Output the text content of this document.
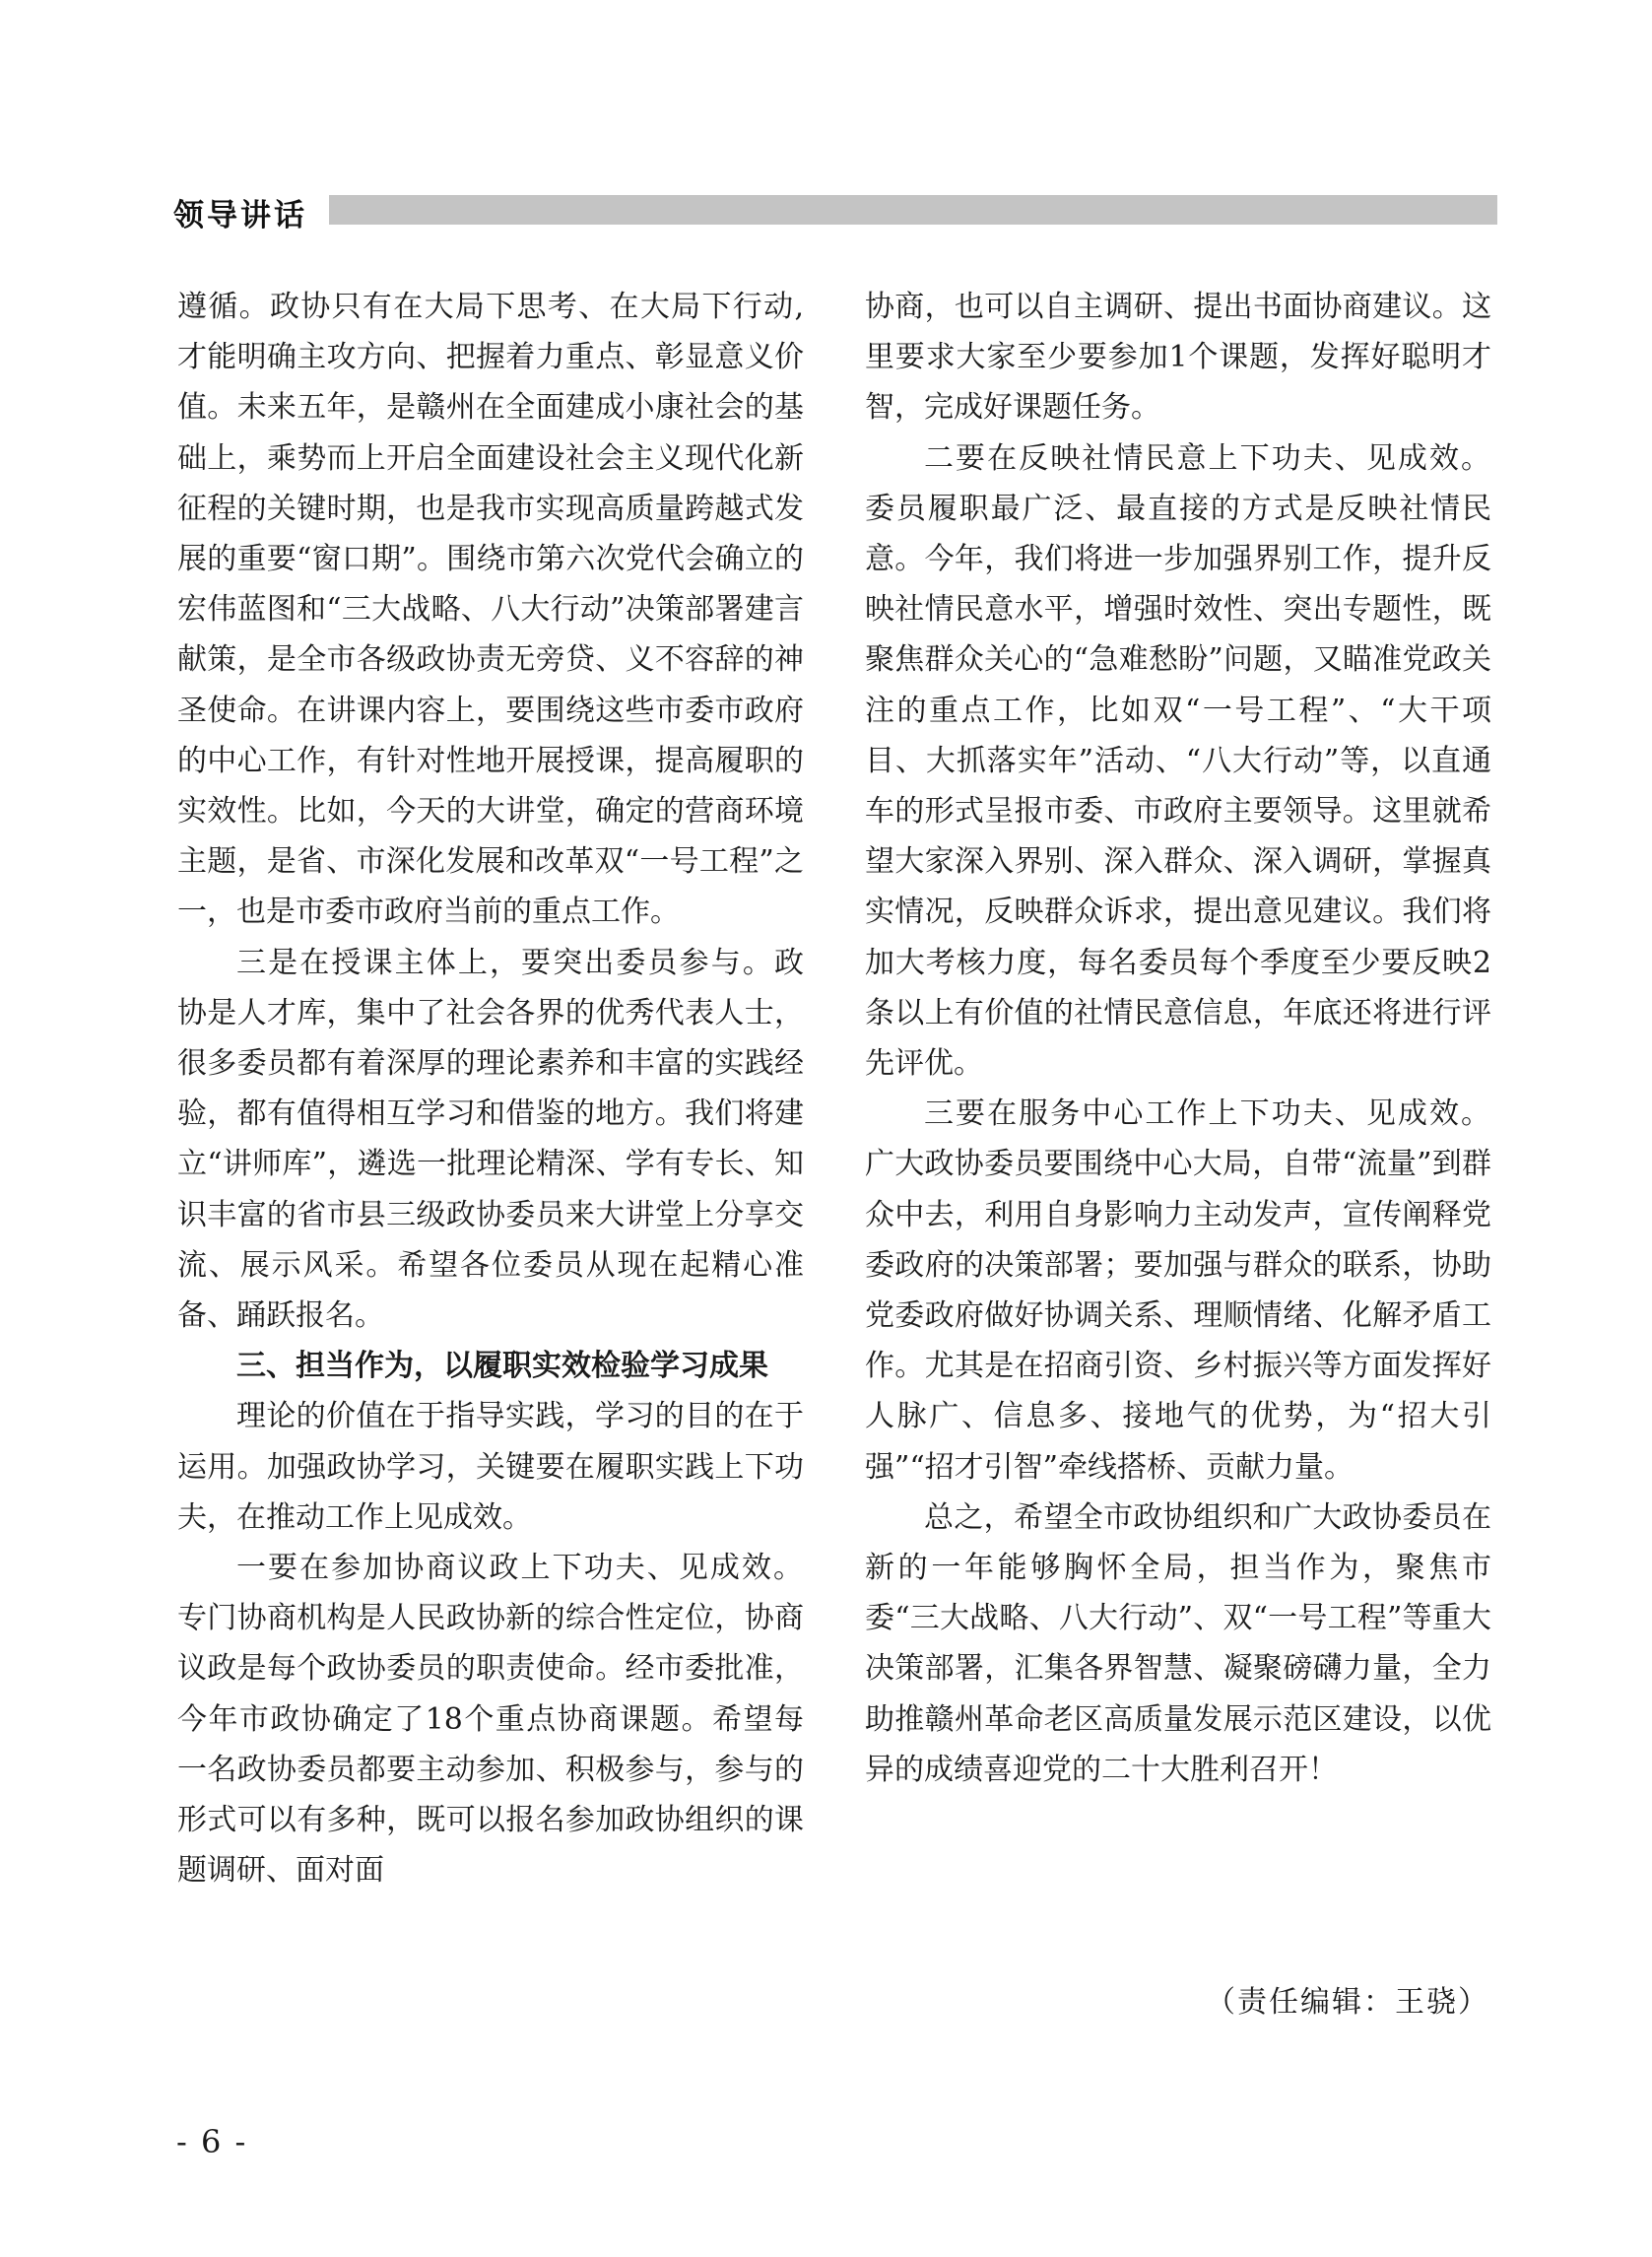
领导讲话

遵循。政协只有在大局下思考、在大局下行动,才能明确主攻方向、把握着力重点、彰显意义价值。未来五年，是赣州在全面建成小康社会的基础上，乘势而上开启全面建设社会主义现代化新征程的关键时期，也是我市实现高质量跨越式发展的重要“窗口期”。围绕市第六次党代会确立的宏伟蓝图和“三大战略、八大行动”决策部署建言献策，是全市各级政协责无旁贷、义不容辞的神圣使命。在讲课内容上，要围绕这些市委市政府的中心工作，有针对性地开展授课，提高履职的实效性。比如，今天的大讲堂，确定的营商环境主题，是省、市深化发展和改革双“一号工程”之一，也是市委市政府当前的重点工作。

三是在授课主体上，要突出委员参与。政协是人才库，集中了社会各界的优秀代表人士，很多委员都有着深厚的理论素养和丰富的实践经验，都有值得相互学习和借鉴的地方。我们将建立“讲师库”，遴选一批理论精深、学有专长、知识丰富的省市县三级政协委员来大讲堂上分享交流、展示风采。希望各位委员从现在起精心准备、踊跃报名。

三、担当作为，以履职实效检验学习成果

理论的价值在于指导实践，学习的目的在于运用。加强政协学习，关键要在履职实践上下功夫，在推动工作上见成效。

一要在参加协商议政上下功夫、见成效。专门协商机构是人民政协新的综合性定位，协商议政是每个政协委员的职责使命。经市委批准，今年市政协确定了18个重点协商课题。希望每一名政协委员都要主动参加、积极参与，参与的形式可以有多种，既可以报名参加政协组织的课题调研、面对面

协商，也可以自主调研、提出书面协商建议。这里要求大家至少要参加1个课题，发挥好聪明才智，完成好课题任务。

二要在反映社情民意上下功夫、见成效。委员履职最广泛、最直接的方式是反映社情民意。今年，我们将进一步加强界别工作，提升反映社情民意水平，增强时效性、突出专题性，既聚焦群众关心的“急难愁盼”问题，又瞄准党政关注的重点工作，比如双“一号工程”、“大干项目、大抓落实年”活动、“八大行动”等，以直通车的形式呈报市委、市政府主要领导。这里就希望大家深入界别、深入群众、深入调研，掌握真实情况，反映群众诉求，提出意见建议。我们将加大考核力度，每名委员每个季度至少要反映2条以上有价值的社情民意信息，年底还将进行评先评优。

三要在服务中心工作上下功夫、见成效。广大政协委员要围绕中心大局，自带“流量”到群众中去，利用自身影响力主动发声，宣传阐释党委政府的决策部署；要加强与群众的联系，协助党委政府做好协调关系、理顺情绪、化解矛盾工作。尤其是在招商引资、乡村振兴等方面发挥好人脉广、信息多、接地气的优势，为“招大引强”“招才引智”牵线搭桥、贡献力量。

总之，希望全市政协组织和广大政协委员在新的一年能够胸怀全局，担当作为，聚焦市委“三大战略、八大行动”、双“一号工程”等重大决策部署，汇集各界智慧、凝聚磅礴力量，全力助推赣州革命老区高质量发展示范区建设，以优异的成绩喜迎党的二十大胜利召开！

（责任编辑：王骁）
- 6 -
